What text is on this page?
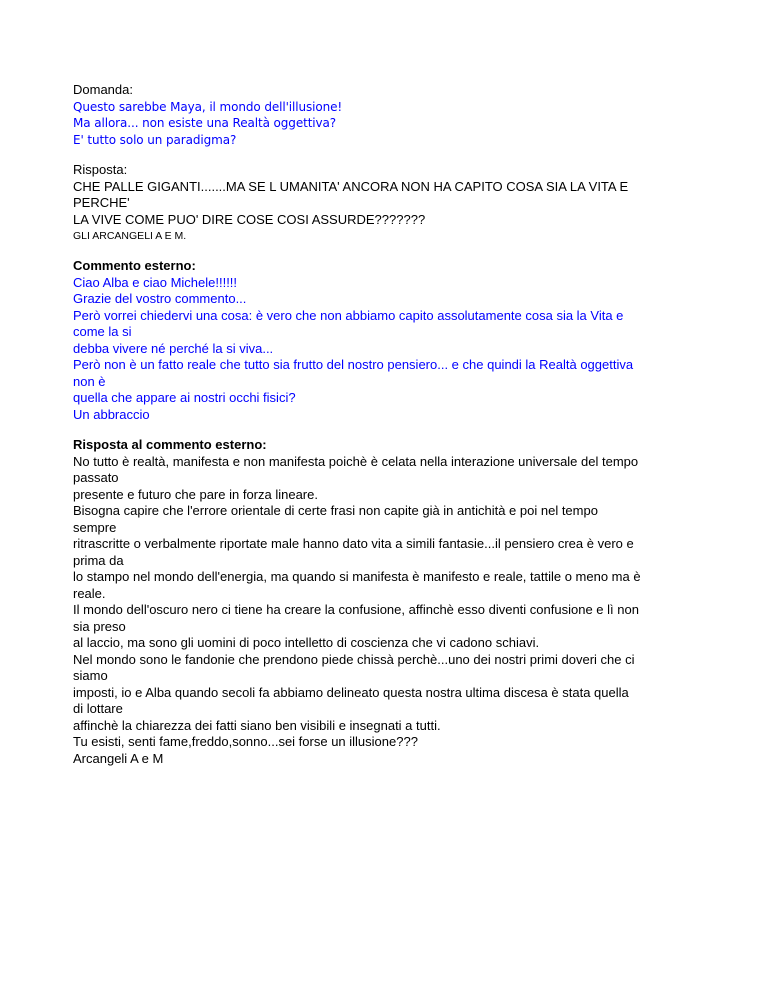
Domanda:
Questo sarebbe Maya, il mondo dell'illusione!
Ma allora... non esiste una Realtà oggettiva?
E' tutto solo un paradigma?
Risposta:
CHE PALLE GIGANTI.......MA SE L UMANITA' ANCORA NON HA CAPITO COSA SIA LA VITA E
PERCHE'
LA VIVE COME PUO' DIRE COSE COSI ASSURDE???????
GLI ARCANGELI A E M.
Commento esterno:
Ciao Alba e ciao Michele!!!!!!
Grazie del vostro commento...
Però vorrei chiedervi una cosa: è vero che non abbiamo capito assolutamente cosa sia la Vita e
come la si
debba vivere né perché la si viva...
Però non è un fatto reale che tutto sia frutto del nostro pensiero... e che quindi la Realtà oggettiva
non è
quella che appare ai nostri occhi fisici?
Un abbraccio
Risposta al commento esterno:
No tutto è realtà, manifesta e non manifesta poichè è celata nella interazione universale del tempo
passato
presente e futuro che pare in forza lineare.
Bisogna capire che l'errore orientale di certe frasi non capite già in antichità e poi nel tempo
sempre
ritrascritte o verbalmente riportate male hanno dato vita a simili fantasie...il pensiero crea è vero e
prima da
lo stampo nel mondo dell'energia, ma quando si manifesta è manifesto e reale, tattile o meno ma è
reale.
Il mondo dell'oscuro nero ci tiene ha creare la confusione, affinchè esso diventi confusione e lì non
sia preso
al laccio, ma sono gli uomini di poco intelletto di coscienza che vi cadono schiavi.
Nel mondo sono le fandonie che prendono piede chissà perchè...uno dei nostri primi doveri che ci
siamo
imposti, io e Alba quando secoli fa abbiamo delineato questa nostra ultima discesa è stata quella
di lottare
affinchè la chiarezza dei fatti siano ben visibili e insegnati a tutti.
Tu esisti, senti fame,freddo,sonno...sei forse un illusione???
Arcangeli A e M
